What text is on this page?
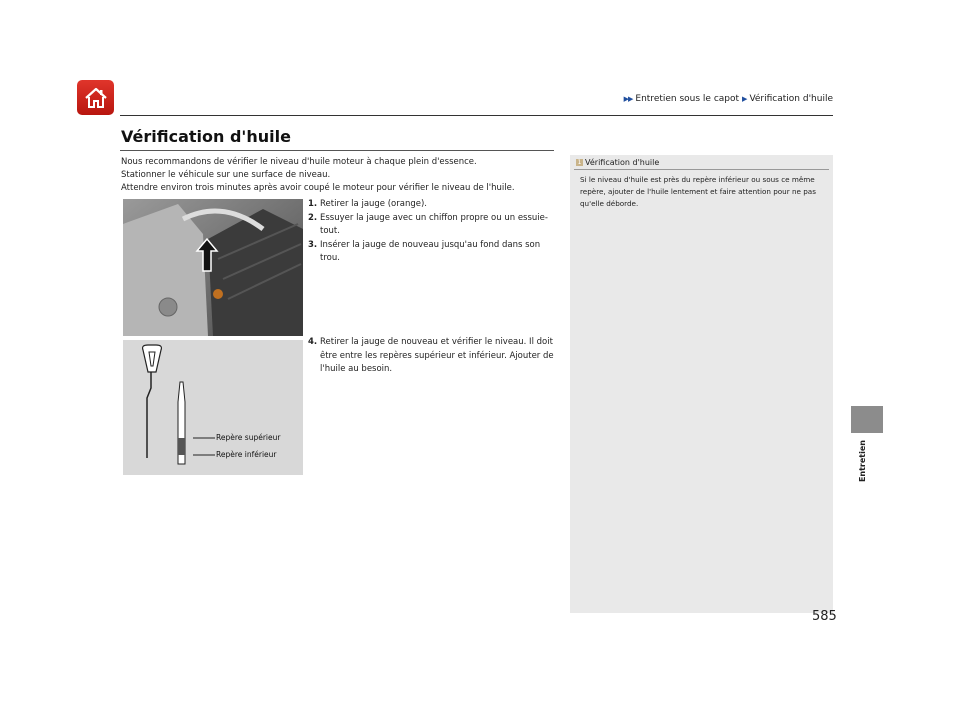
▶▶ Entretien sous le capot ▶ Vérification d'huile
Vérification d'huile

Nous recommandons de vérifier le niveau d'huile moteur à chaque plein d'essence.

Stationner le véhicule sur une surface de niveau.

Attendre environ trois minutes après avoir coupé le moteur pour vérifier le niveau de l'huile.

1. Retirer la jauge (orange).
2. Essuyer la jauge avec un chiffon propre ou un essuie-tout.
3. Insérer la jauge de nouveau jusqu'au fond dans son trou.
Repère supérieur
Repère inférieur
4. Retirer la jauge de nouveau et vérifier le niveau. Il doit être entre les repères supérieur et inférieur. Ajouter de l'huile au besoin.
1 Vérification d'huile
Si le niveau d'huile est près du repère inférieur ou sous ce même repère, ajouter de l'huile lentement et faire attention pour ne pas qu'elle déborde.
Entretien
585
